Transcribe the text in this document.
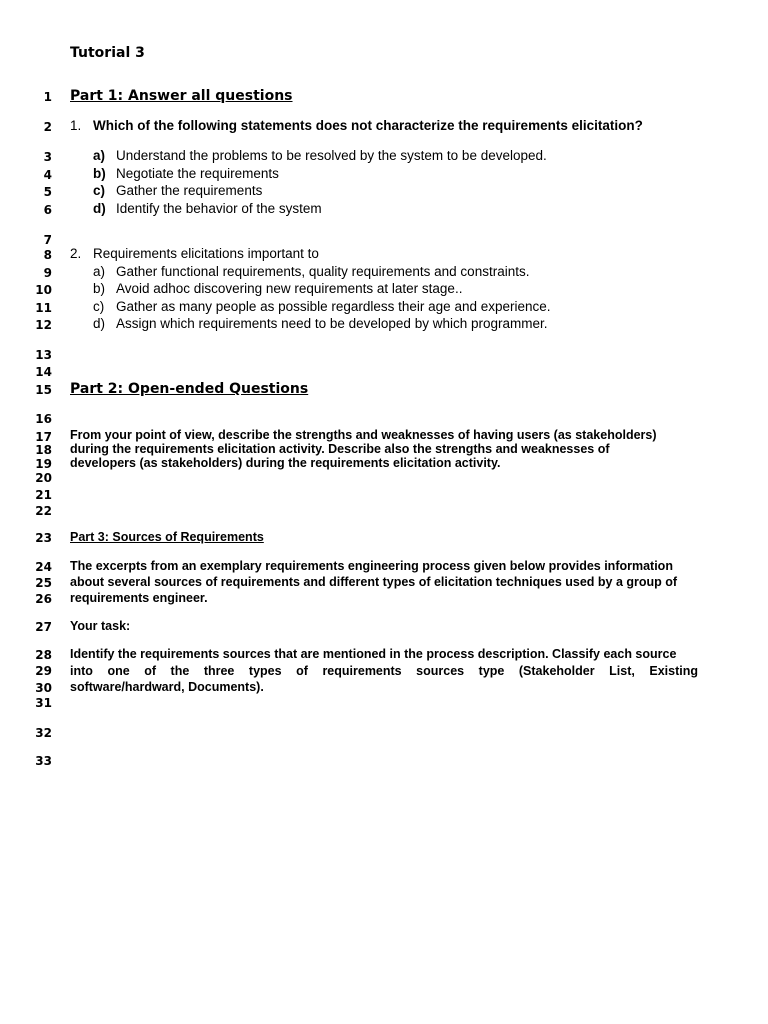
Tutorial 3
1
2
3
4
5
6
7
8
9
10
11
12
13
14
15
16
17
18
19
20
21
22
23
24
25
26
27
28
29
30
31
32
33
Part 1: Answer all questions
1. Which of the following statements does not characterize the requirements elicitation?
a) Understand the problems to be resolved by the system to be developed.
b) Negotiate the requirements
c) Gather the requirements
d) Identify the behavior of the system
2. Requirements elicitations important to
a) Gather functional requirements, quality requirements and constraints.
b) Avoid adhoc discovering new requirements at later stage..
c) Gather as many people as possible regardless their age and experience.
d) Assign which requirements need to be developed by which programmer.
Part 2: Open-ended Questions
From your point of view, describe the strengths and weaknesses of having users (as stakeholders)
during the requirements elicitation activity. Describe also the strengths and weaknesses of
developers (as stakeholders) during the requirements elicitation activity.
Part 3: Sources of Requirements
The excerpts from an exemplary requirements engineering process given below provides information
about several sources of requirements and different types of elicitation techniques used by a group of
requirements engineer.
Your task:
Identify the requirements sources that are mentioned in the process description. Classify each source
into one of the three types of requirements sources type (Stakeholder List, Existing
software/hardward, Documents).
